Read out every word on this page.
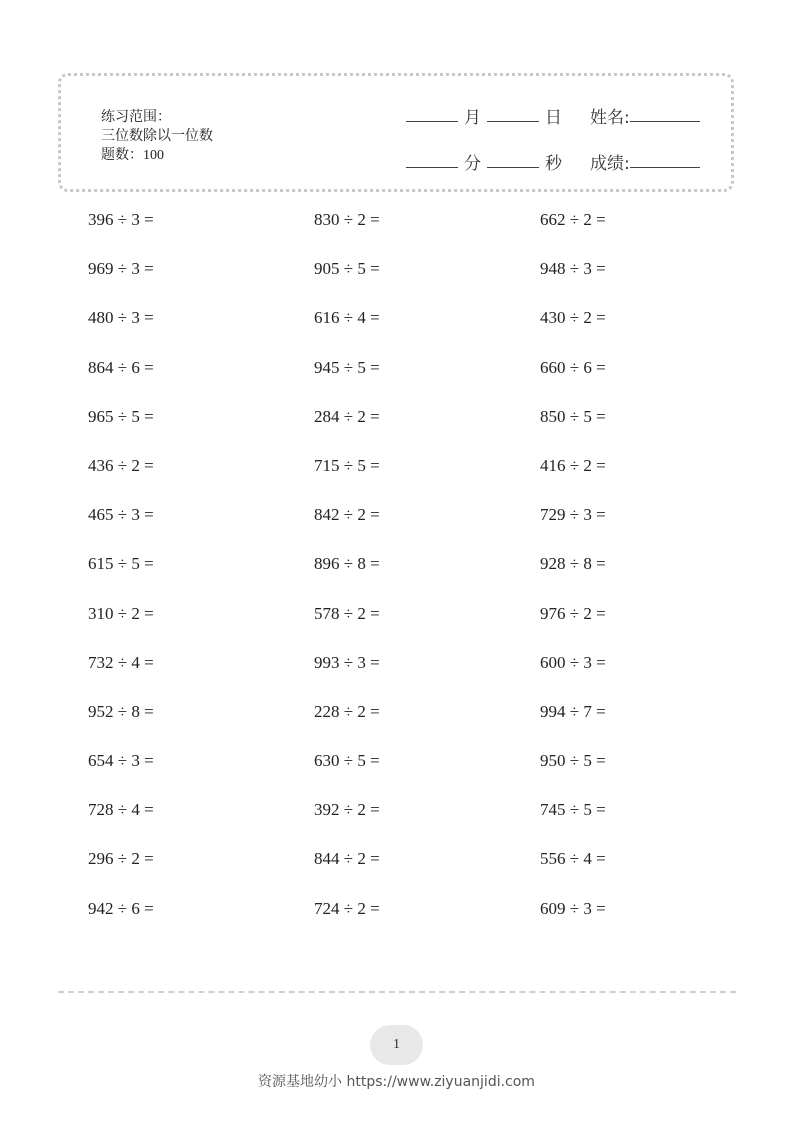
练习范围：
三位数除以一位数
题数：100
月	日 姓名:
分	秒 成绩:
396 ÷ 3 =	830 ÷ 2 =	662 ÷ 2 =
969 ÷ 3 =	905 ÷ 5 =	948 ÷ 3 =
480 ÷ 3 =	616 ÷ 4 =	430 ÷ 2 =
864 ÷ 6 =	945 ÷ 5 =	660 ÷ 6 =
965 ÷ 5 =	284 ÷ 2 =	850 ÷ 5 =
436 ÷ 2 =	715 ÷ 5 =	416 ÷ 2 =
465 ÷ 3 =	842 ÷ 2 =	729 ÷ 3 =
615 ÷ 5 =	896 ÷ 8 =	928 ÷ 8 =
310 ÷ 2 =	578 ÷ 2 =	976 ÷ 2 =
732 ÷ 4 =	993 ÷ 3 =	600 ÷ 3 =
952 ÷ 8 =	228 ÷ 2 =	994 ÷ 7 =
654 ÷ 3 =	630 ÷ 5 =	950 ÷ 5 =
728 ÷ 4 =	392 ÷ 2 =	745 ÷ 5 =
296 ÷ 2 =	844 ÷ 2 =	556 ÷ 4 =
942 ÷ 6 =	724 ÷ 2 =	609 ÷ 3 =
1
资源基地幼小 https://www.ziyuanjidi.com
